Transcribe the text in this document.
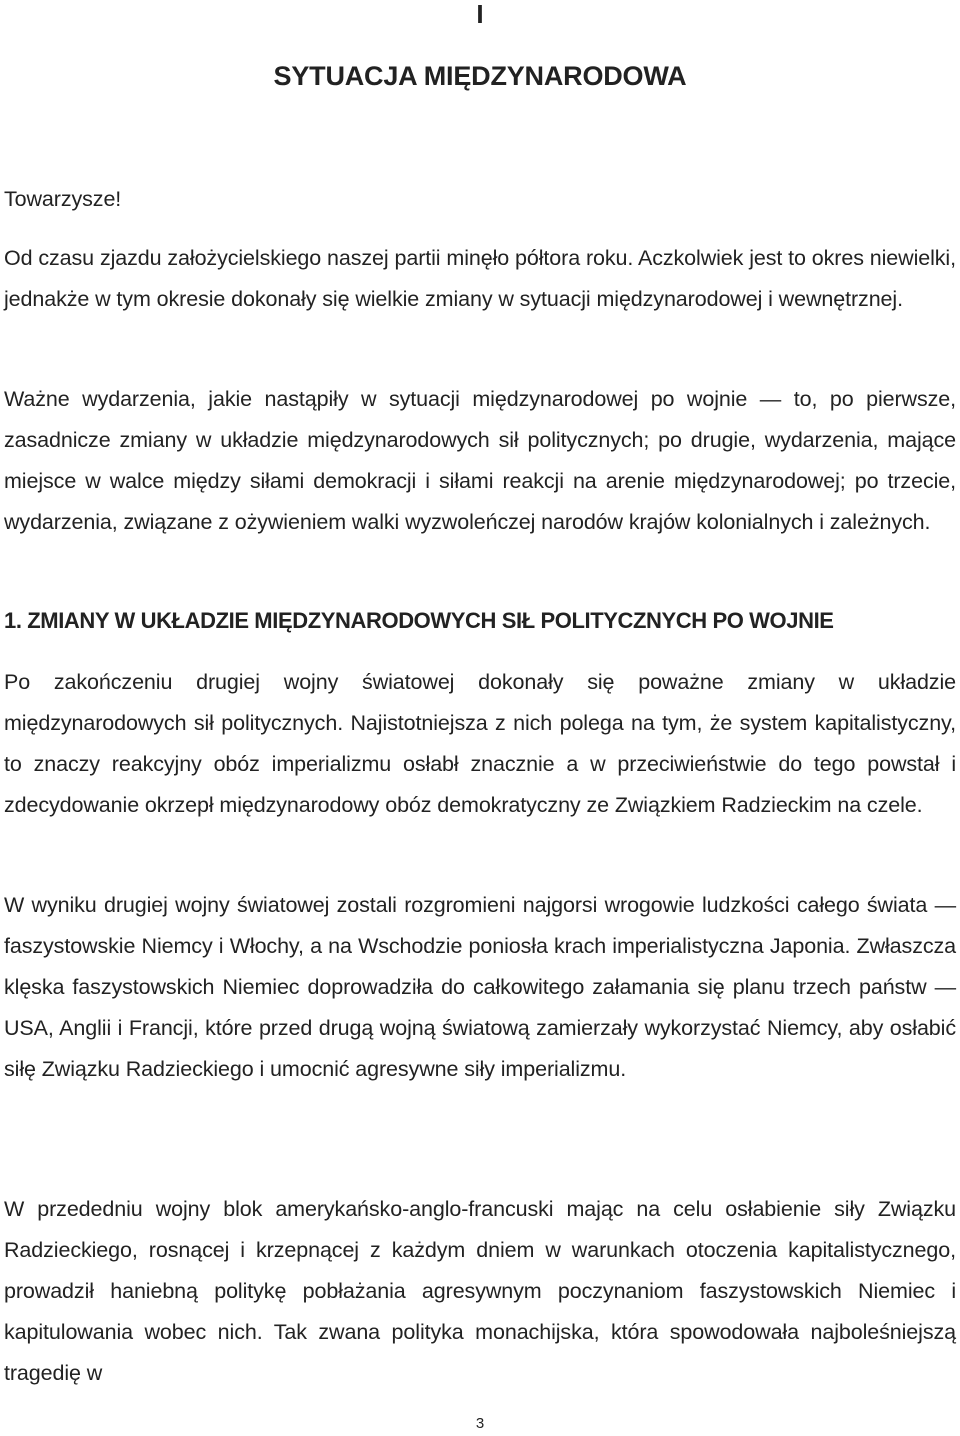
I

SYTUACJA MIĘDZYNARODOWA

Towarzysze!

Od czasu zjazdu założycielskiego naszej partii minęło półtora roku. Aczkolwiek jest to okres niewielki, jednakże w tym okresie dokonały się wielkie zmiany w sytuacji międzynarodowej i wewnętrznej.

Ważne wydarzenia, jakie nastąpiły w sytuacji międzynarodowej po wojnie — to, po pierwsze, zasadnicze zmiany w układzie międzynarodowych sił politycznych; po drugie, wydarzenia, mające miejsce w walce między siłami demokracji i siłami reakcji na arenie międzynarodowej; po trzecie, wydarzenia, związane z ożywieniem walki wyzwoleńczej narodów krajów kolonialnych i zależnych.

1. ZMIANY W UKŁADZIE MIĘDZYNARODOWYCH SIŁ POLITYCZNYCH PO WOJNIE

Po zakończeniu drugiej wojny światowej dokonały się poważne zmiany w układzie międzynarodowych sił politycznych. Najistotniejsza z nich polega na tym, że system kapitalistyczny, to znaczy reakcyjny obóz imperializmu osłabł znacznie a w przeciwieństwie do tego powstał i zdecydowanie okrzepł międzynarodowy obóz demokratyczny ze Związkiem Radzieckim na czele.

W wyniku drugiej wojny światowej zostali rozgromieni najgorsi wrogowie ludzkości całego świata — faszystowskie Niemcy i Włochy, a na Wschodzie poniosła krach imperialistyczna Japonia. Zwłaszcza klęska faszystowskich Niemiec doprowadziła do całkowitego załamania się planu trzech państw — USA, Anglii i Francji, które przed drugą wojną światową zamierzały wykorzystać Niemcy, aby osłabić siłę Związku Radzieckiego i umocnić agresywne siły imperializmu.

W przededniu wojny blok amerykańsko-anglo-francuski mając na celu osłabienie siły Związku Radzieckiego, rosnącej i krzepnącej z każdym dniem w warunkach otoczenia kapitalistycznego, prowadził haniebną politykę pobłażania agresywnym poczynaniom faszystowskich Niemiec i kapitulowania wobec nich. Tak zwana polityka monachijska, która spowodowała najboleśniejszą tragedię w

3
